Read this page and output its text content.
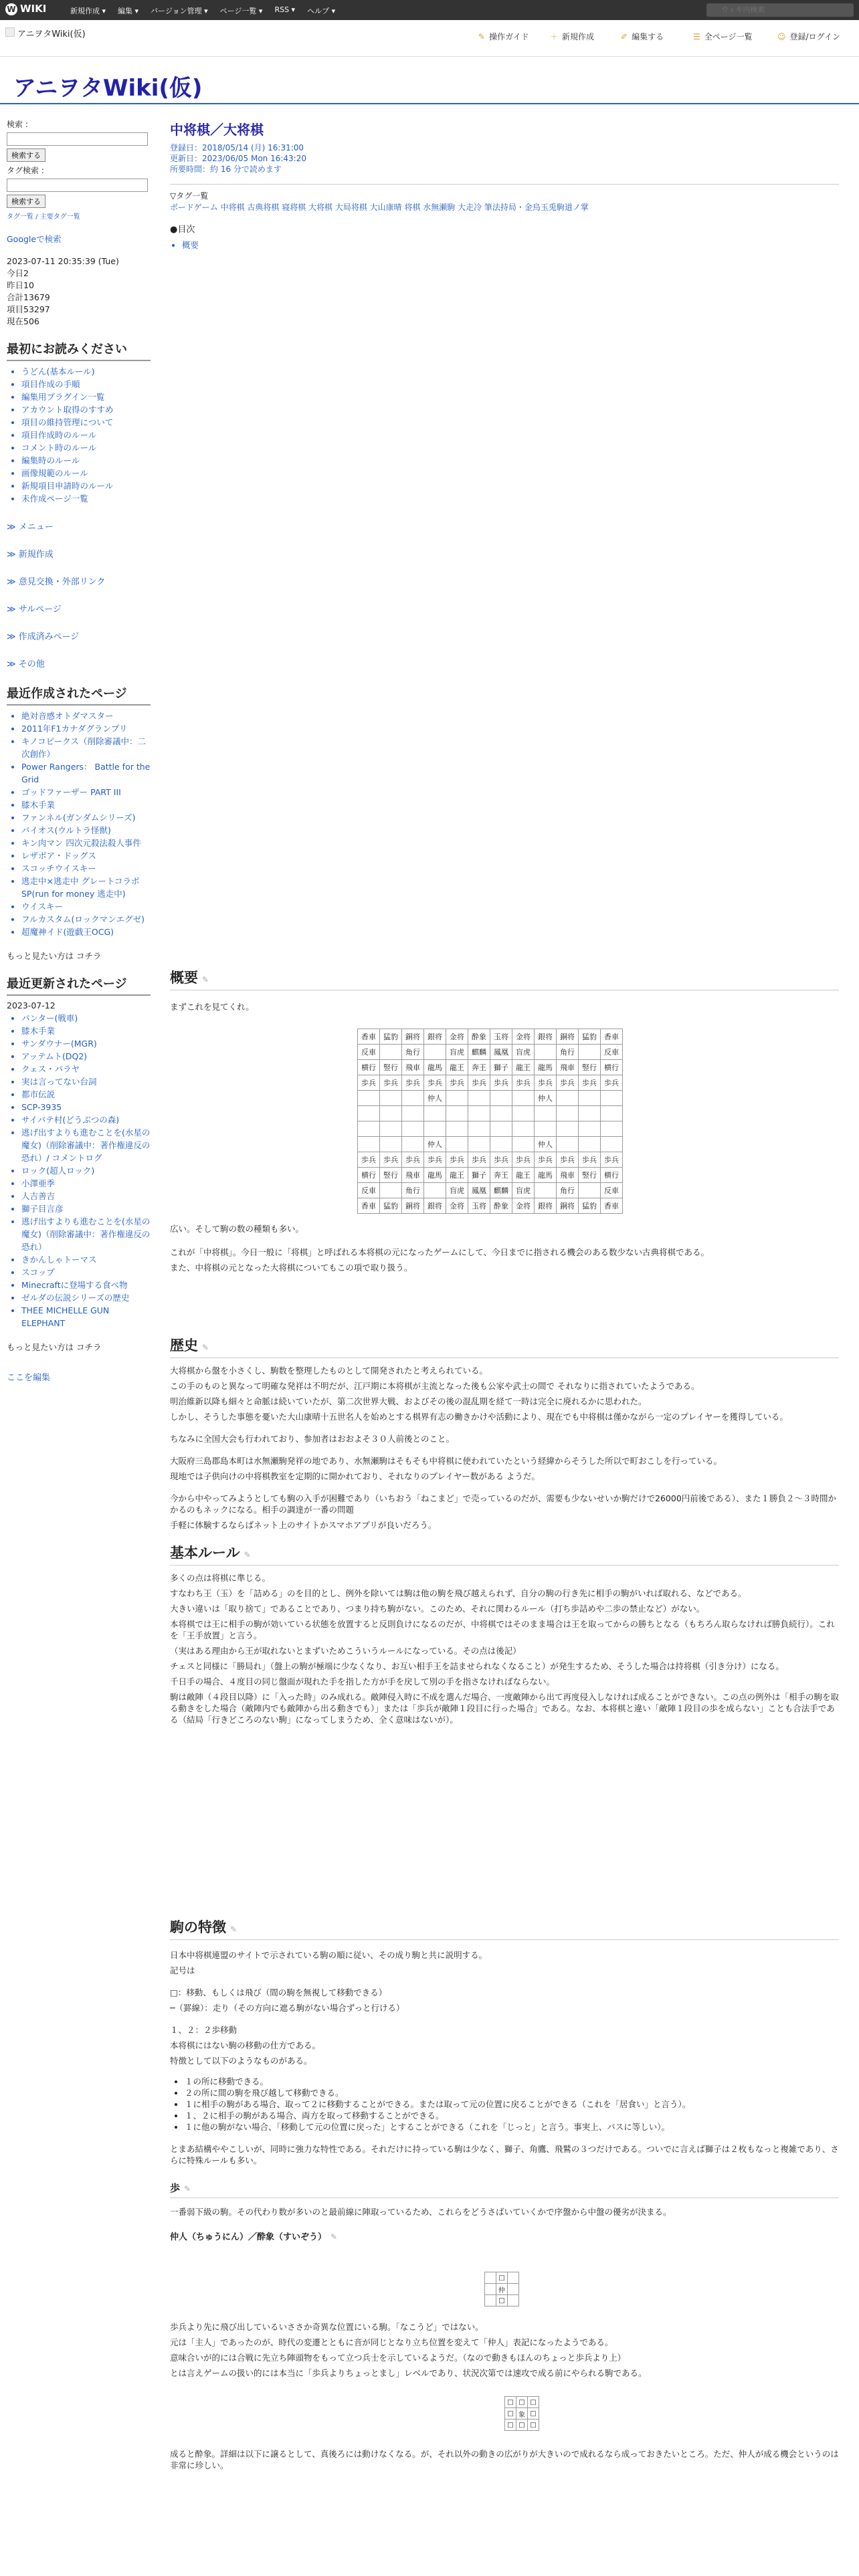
W WIKI	新規作成 ▾ 編集 ▾ バージョン管理 ▾ ページ一覧 ▾ RSS ▾ ヘルプ ▾
ウィキ内検索
アニヲタWiki(仮)	✎ 操作ガイド	＋ 新規作成	✐ 編集する	☰ 全ページ一覧	☺ 登録/ログイン
アニヲタWiki(仮)
検索 :

検索する
タグ検索 :

検索する
タグ一覧 / 主要タグ一覧
Googleで検索
2023-07-11 20:35:39 (Tue)
今日2
昨日10
合計13679
項目53297
現在506
最初にお読みください
• うどん(基本ルール)
• 項目作成の手順
• 編集用プラグイン一覧
• アカウント取得のすすめ
• 項目の維持管理について
• 項目作成時のルール
• コメント時のルール
• 編集時のルール
• 画像規範のルール
• 新規項目申請時のルール
• 未作成ページ一覧
≫ メニュー
≫ 新規作成
≫ 意見交換・外部リンク
≫ サルページ
≫ 作成済みページ
≫ その他
最近作成されたページ
• 絶対音感オトダマスター
• 2011年F1カナダグランプリ
• キノコピークス（削除審議中：二次創作）
• Power Rangers： Battle for the Grid
• ゴッドファーザー PART III
• 膝木手業
• ファンネル(ガンダムシリーズ)
• バイオス(ウルトラ怪獣)
• キン肉マン 四次元殺法殺人事件
• レザボア・ドッグス
• スコッチウイスキー
• 逃走中×逃走中 グレートコラボSP(run for money 逃走中)
• ウイスキー
• フルカスタム(ロックマンエグゼ)
• 超魔神イド(遊戯王OCG)
もっと見たい方は コチラ
最近更新されたページ
2023-07-12
• パンター(戦車)
• 膝木手業
• サンダウナー(MGR)
• アッテムト(DQ2)
• クェス・パラヤ
• 実は言ってない台詞
• 都市伝説
• SCP-3935
• サイバテ村(どうぶつの森)
• 逃げ出すよりも進むことを(水星の魔女)（削除審議中：著作権違反の恐れ）/ コメントログ
• ロック(超人ロック)
• 小澤亜季
• 人吉善吉
• 獅子目言彦
• 逃げ出すよりも進むことを(水星の魔女)（削除審議中：著作権違反の恐れ）
• きかんしゃトーマス
• スコップ
• Minecraftに登場する食べ物
• ゼルダの伝説シリーズの歴史
• THEE MICHELLE GUN ELEPHANT
もっと見たい方は コチラ
ここを編集
中将棋／大将棋
登録日：2018/05/14 (月) 16:31:00
更新日：2023/06/05 Mon 16:43:20
所要時間：約 16 分で読めます
▽タグ一覧
ボードゲーム 中将棋 古典将棋 寝将棋 大将棋 大局将棋 大山康晴 将棋 水無瀬駒 大走冷 筆法持局・金烏玉兎駒道ノ掌
●目次
• 概要
概要 ✎
まずこれを見てくれ。
香車	猛豹	銅将	銀将	金将	酔象	玉将	金将	銀将	銅将	猛豹	香車
反車		角行		盲虎	麒麟	鳳凰	盲虎		角行		反車
横行	竪行	飛車	龍馬	龍王	奔王	獅子	龍王	龍馬	飛車	竪行	横行
歩兵	歩兵	歩兵	歩兵	歩兵	歩兵	歩兵	歩兵	歩兵	歩兵	歩兵	歩兵
			仲人					仲人			

			仲人					仲人			
歩兵	歩兵	歩兵	歩兵	歩兵	歩兵	歩兵	歩兵	歩兵	歩兵	歩兵	歩兵
横行	竪行	飛車	龍馬	龍王	獅子	奔王	龍王	龍馬	飛車	竪行	横行
反車		角行		盲虎	鳳凰	麒麟	盲虎		角行		反車
香車	猛豹	銅将	銀将	金将	玉将	酔象	金将	銀将	銅将	猛豹	香車
広い。そして駒の数の種類も多い。
これが「中将棋」。今日一般に「将棋」と呼ばれる本将棋の元になったゲームにして、今日までに指される機会のある数少ない古典将棋である。
また、中将棋の元となった大将棋についてもこの項で取り扱う。
歴史 ✎
大将棋から盤を小さくし、駒数を整理したものとして開発されたと考えられている。
この手のものと異なって明確な発祥は不明だが、江戸期に本将棋が主流となった後も公家や武士の間で それなりに指されていたようである。
明治維新以降も細々と命脈は続いていたが、第二次世界大戦、およびその後の混乱期を経て一時は完全に廃れるかに思われた。
しかし、そうした事態を憂いた大山康晴十五世名人を始めとする棋界有志の働きかけや活動により、現在でも中将棋は僅かながら一定のプレイヤーを獲得している。
ちなみに全国大会も行われており、参加者はおおよそ３０人前後とのこと。
大阪府三島郡島本町は水無瀬駒発祥の地であり、水無瀬駒はそもそも中将棋に使われていたという経緯からそうした所以で町おこしを行っている。
現地では子供向けの中将棋教室を定期的に開かれており、それなりのプレイヤー数がある ようだ。
今から中やってみようとしても駒の入手が困難であり（いちおう「ねこまど」で売っているのだが、需要も少ないせいか駒だけで26000円前後である）、また１勝負２〜３時間かかるのもネックになる。相手の調達が一番の問題
手軽に体験するならばネット上のサイトかスマホアプリが良いだろう。
基本ルール ✎
多くの点は将棋に準じる。
すなわち王（玉）を「詰める」のを目的とし、例外を除いては駒は他の駒を飛び越えられず、自分の駒の行き先に相手の駒がいれば取れる、などである。
大きい違いは「取り捨て」であることであり、つまり持ち駒がない。このため、それに関わるルール（打ち歩詰めや二歩の禁止など）がない。
本将棋では王に相手の駒が効いている状態を放置すると反則負けになるのだが、中将棋ではそのまま場合は王を取ってからの勝ちとなる（もちろん取らなければ勝負続行）。これを「王手放置」と言う。
（実はある理由から王が取れないとまずいためこういうルールになっている。その点は後記）
チェスと同様に「勝局れ」（盤上の駒が極端に少なくなり、お互い相手王を詰ませられなくなること）が発生するため、そうした場合は持将棋（引き分け）になる。
千日手の場合、４度目の同じ盤面が現れた手を指した方が手を戻して別の手を指さなければならない。
駒は敵陣（４段目以降）に「入った時」のみ成れる。敵陣侵入時に不成を選んだ場合、一度敵陣から出て再度侵入しなければ成ることができない。この点の例外は「相手の駒を取る動きをした場合（敵陣内でも敵陣から出る動きでも）」または「歩兵が敵陣１段目に行った場合」である。なお、本将棋と違い「敵陣１段目の歩を成らない」ことも合法手である（結局「行きどころのない駒」になってしまうため、全く意味はないが）。
駒の特徴 ✎
日本中将棋連盟のサイトで示されている駒の順に従い、その成り駒と共に説明する。
記号は
□：移動、もしくは飛び（間の駒を無視して移動できる）
─（罫線）：走り（その方向に遮る駒がない場合ずっと行ける）
１、２：２歩移動
本将棋にはない駒の移動の仕方である。
特徴として以下のようなものがある。
• １の所に移動できる。
• ２の所に間の駒を飛び越して移動できる。
• １に相手の駒がある場合、取って２に移動することができる。または取って元の位置に戻ることができる（これを「居食い」と言う）。
• １、２に相手の駒がある場合、両方を取って移動することができる。
• １に他の駒がない場合、「移動して元の位置に戻った」とすることができる（これを「じっと」と言う。事実上、パスに等しい）。
とまあ結構ややこしいが、同時に強力な特性である。それだけに持っている駒は少なく、獅子、角鷹、飛鷲の３つだけである。ついでに言えば獅子は２枚もなっと複雑であり、さらに特殊ルールも多い。
歩 ✎
一番弱下級の駒。その代わり数が多いのと最前線に陣取っているため、これらをどうさばいていくかで序盤から中盤の優劣が決まる。
仲人（ちゅうにん）／酔象（すいぞう） ✎
	□	
	仲	
	□	
歩兵より先に飛び出しているいささか奇異な位置にいる駒。「なこうど」ではない。
元は「主人」であったのが、時代の変遷とともに音が同じとなり立ち位置を変えて「仲人」表記になったようである。
意味合いが的には合戦に先立ち陣頭物をもって立つ兵士を示しているようだ。（なので動きもほんのちょっと歩兵より上）
とは言えゲームの扱い的には本当に「歩兵よりちょっとまし」レベルであり、状況次第では速攻で成る前にやられる駒である。
□	□	□
□	象	□
□	□	□
成ると酔象。詳細は以下に譲るとして、真後ろには動けなくなる。が、それ以外の動きの広がりが大きいので成れるなら成っておきたいところ。ただ、仲人が成る機会というのは非常に珍しい。
